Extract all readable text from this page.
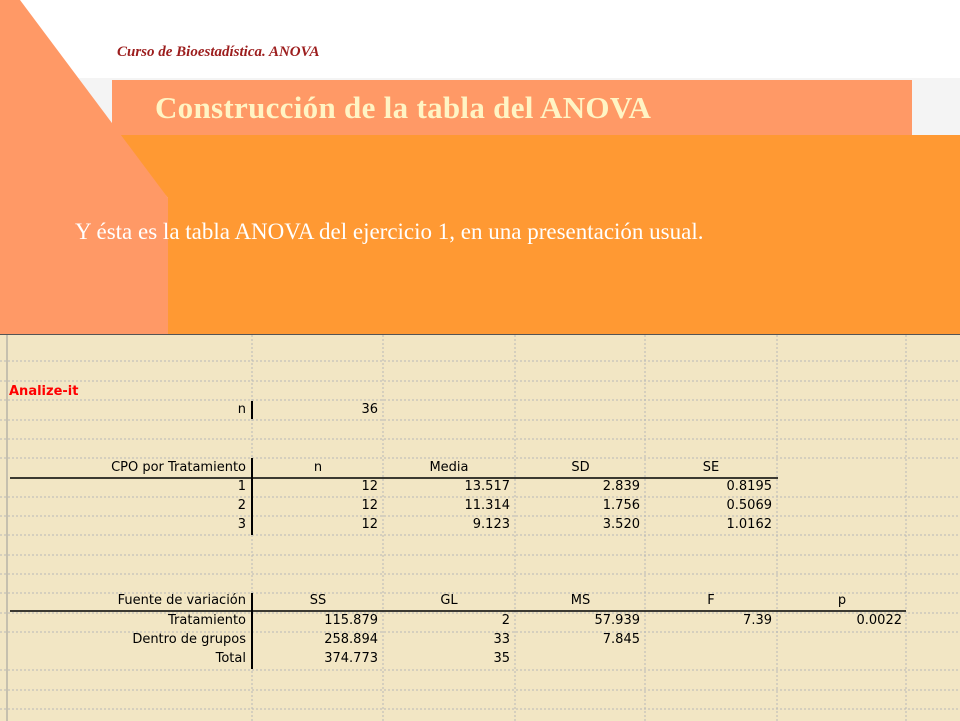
Curso de Bioestadística. ANOVA
Construcción de la tabla del ANOVA
Y ésta es la tabla ANOVA del ejercicio 1, en una presentación usual.
Analize-it
n	36
CPO por Tratamiento	n	Media	SD	SE
1	12	13.517	2.839	0.8195
2	12	11.314	1.756	0.5069
3	12	9.123	3.520	1.0162
Fuente de variación	SS	GL	MS	F	p
Tratamiento	115.879	2	57.939	7.39	0.0022
Dentro de grupos	258.894	33	7.845
Total	374.773	35
